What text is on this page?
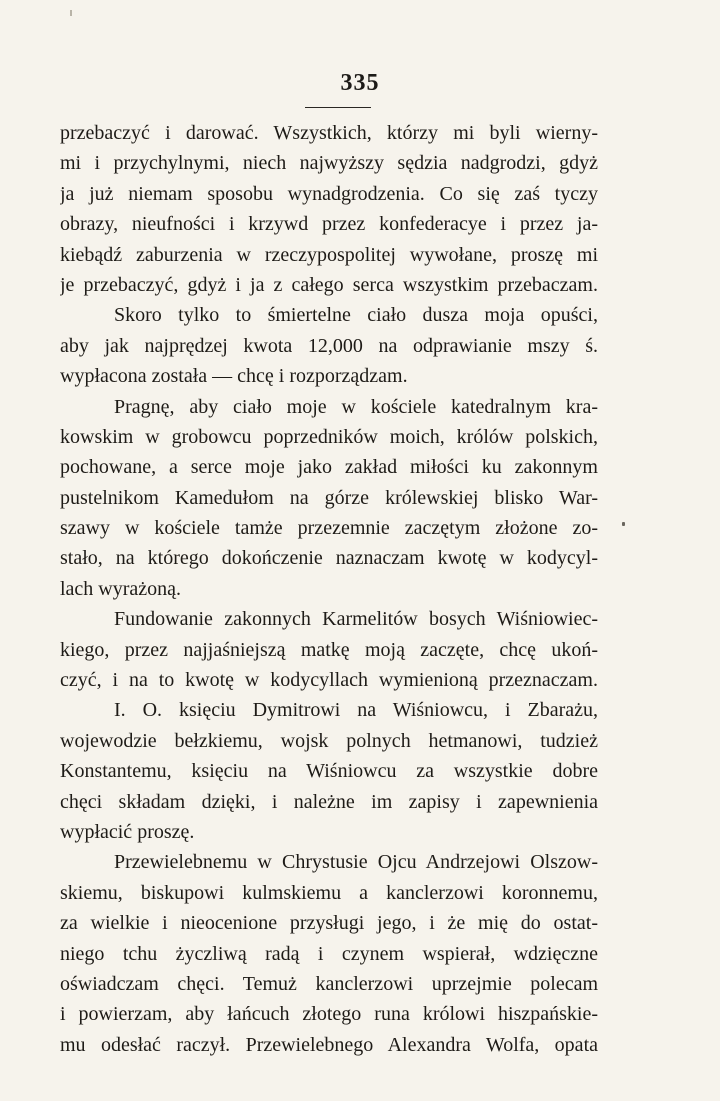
335
przebaczyć i darować. Wszystkich, którzy mi byli wierny-
mi i przychylnymi, niech najwyższy sędzia nadgrodzi, gdyż
ja już niemam sposobu wynadgrodzenia. Co się zaś tyczy
obrazy, nieufności i krzywd przez konfederacye i przez ja-
kiebądź zaburzenia w rzeczypospolitej wywołane, proszę mi
je przebaczyć, gdyż i ja z całego serca wszystkim przebaczam.
Skoro tylko to śmiertelne ciało dusza moja opuści,
aby jak najprędzej kwota 12,000 na odprawianie mszy ś.
wypłacona została — chcę i rozporządzam.
Pragnę, aby ciało moje w kościele katedralnym kra-
kowskim w grobowcu poprzedników moich, królów polskich,
pochowane, a serce moje jako zakład miłości ku zakonnym
pustelnikom Kamedułom na górze królewskiej blisko War-
szawy w kościele tamże przezemnie zaczętym złożone zo-
stało, na którego dokończenie naznaczam kwotę w kodycyl-
lach wyrażoną.
Fundowanie zakonnych Karmelitów bosych Wiśniowiec-
kiego, przez najjaśniejszą matkę moją zaczęte, chcę ukoń-
czyć, i na to kwotę w kodycyllach wymienioną przeznaczam.
I. O. księciu Dymitrowi na Wiśniowcu, i Zbarażu,
wojewodzie bełzkiemu, wojsk polnych hetmanowi, tudzież
Konstantemu, księciu na Wiśniowcu za wszystkie dobre
chęci składam dzięki, i należne im zapisy i zapewnienia
wypłacić proszę.
Przewielebnemu w Chrystusie Ojcu Andrzejowi Olszow-
skiemu, biskupowi kulmskiemu a kanclerzowi koronnemu,
za wielkie i nieocenione przysługi jego, i że mię do ostat-
niego tchu życzliwą radą i czynem wspierał, wdzięczne
oświadczam chęci. Temuż kanclerzowi uprzejmie polecam
i powierzam, aby łańcuch złotego runa królowi hiszpańskie-
mu odesłać raczył. Przewielebnego Alexandra Wolfa, opata
